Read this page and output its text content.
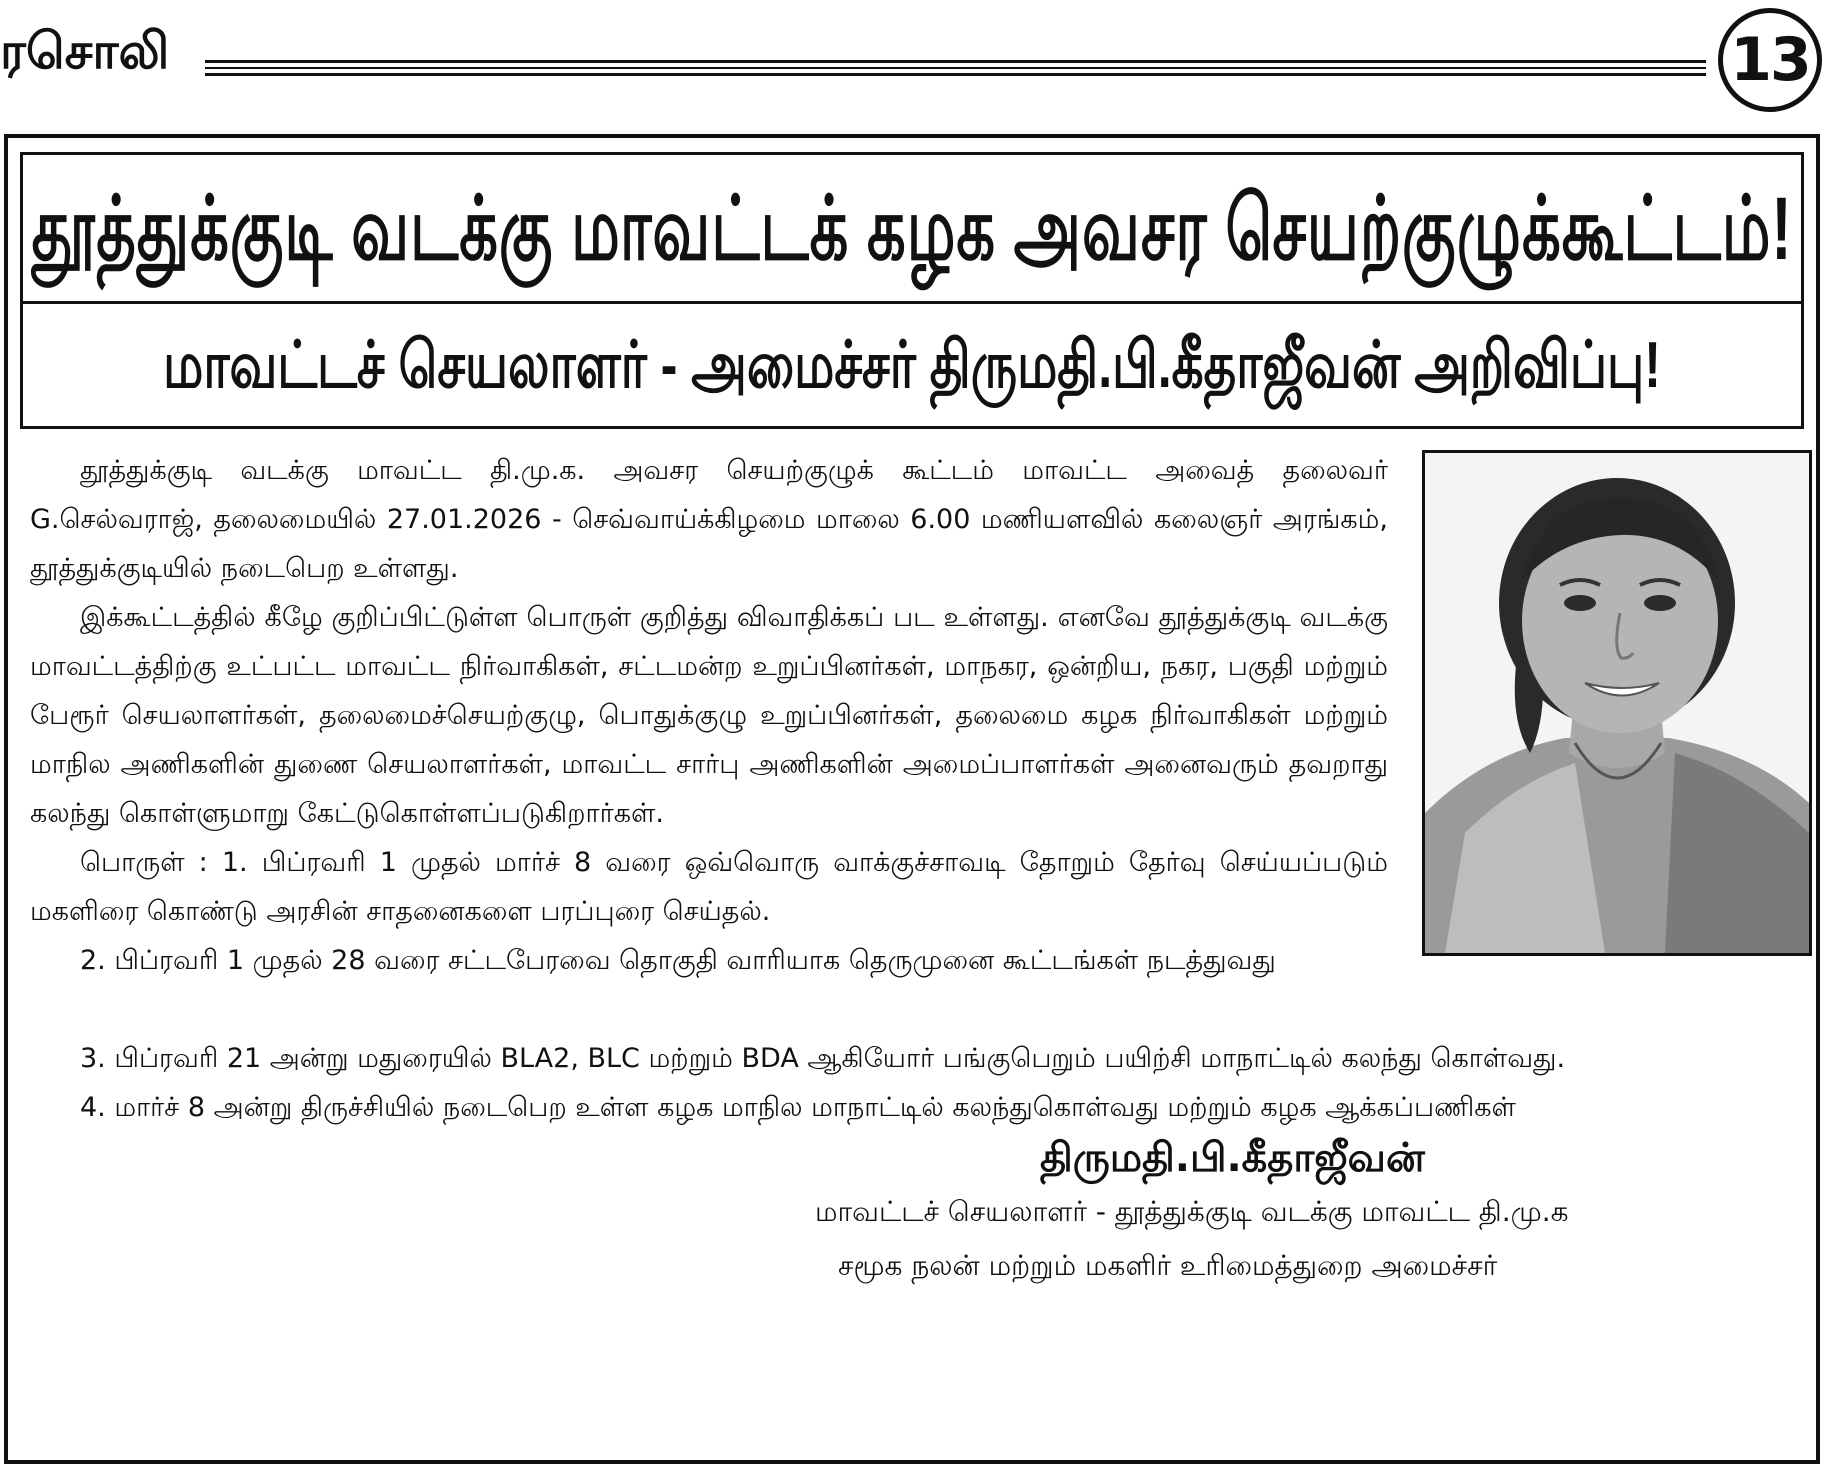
ரசொலி	13
தூத்துக்குடி வடக்கு மாவட்டக் கழக அவசர செயற்குழுக்கூட்டம்!
மாவட்டச் செயலாளர் - அமைச்சர் திருமதி.பி.கீதாஜீவன் அறிவிப்பு!

தூத்துக்குடி வடக்கு மாவட்ட தி.மு.க. அவசர செயற்குழுக் கூட்டம் மாவட்ட அவைத் தலைவர் G.செல்வராஜ், தலைமையில் 27.01.2026 - செவ்வாய்க்கிழமை மாலை 6.00 மணியளவில் கலைஞர் அரங்கம், தூத்துக்குடியில் நடைபெற உள்ளது.

இக்கூட்டத்தில் கீழே குறிப்பிட்டுள்ள பொருள் குறித்து விவாதிக்கப் பட உள்ளது. எனவே தூத்துக்குடி வடக்கு மாவட்டத்திற்கு உட்பட்ட மாவட்ட நிர்வாகிகள், சட்டமன்ற உறுப்பினர்கள், மாநகர, ஒன்றிய, நகர, பகுதி மற்றும் பேரூர் செயலாளர்கள், தலைமைச்செயற்குழு, பொதுக்குழு உறுப்பினர்கள், தலைமை கழக நிர்வாகிகள் மற்றும் மாநில அணிகளின் துணை செயலாளர்கள், மாவட்ட சார்பு அணிகளின் அமைப்பாளர்கள் அனைவரும் தவறாது கலந்து கொள்ளுமாறு கேட்டுகொள்ளப்படுகிறார்கள்.

பொருள் : 1. பிப்ரவரி 1 முதல் மார்ச் 8 வரை ஒவ்வொரு வாக்குச்சாவடி தோறும் தேர்வு செய்யப்படும் மகளிரை கொண்டு அரசின் சாதனைகளை பரப்புரை செய்தல்.

2. பிப்ரவரி 1 முதல் 28 வரை சட்டபேரவை தொகுதி வாரியாக தெருமுனை கூட்டங்கள் நடத்துவது

3. பிப்ரவரி 21 அன்று மதுரையில் BLA2, BLC மற்றும் BDA ஆகியோர் பங்குபெறும் பயிற்சி மாநாட்டில் கலந்து கொள்வது.

4. மார்ச் 8 அன்று திருச்சியில் நடைபெற உள்ள கழக மாநில மாநாட்டில் கலந்துகொள்வது மற்றும் கழக ஆக்கப்பணிகள்

திருமதி.பி.கீதாஜீவன்
மாவட்டச் செயலாளர் - தூத்துக்குடி வடக்கு மாவட்ட தி.மு.க
சமூக நலன் மற்றும் மகளிர் உரிமைத்துறை அமைச்சர்
